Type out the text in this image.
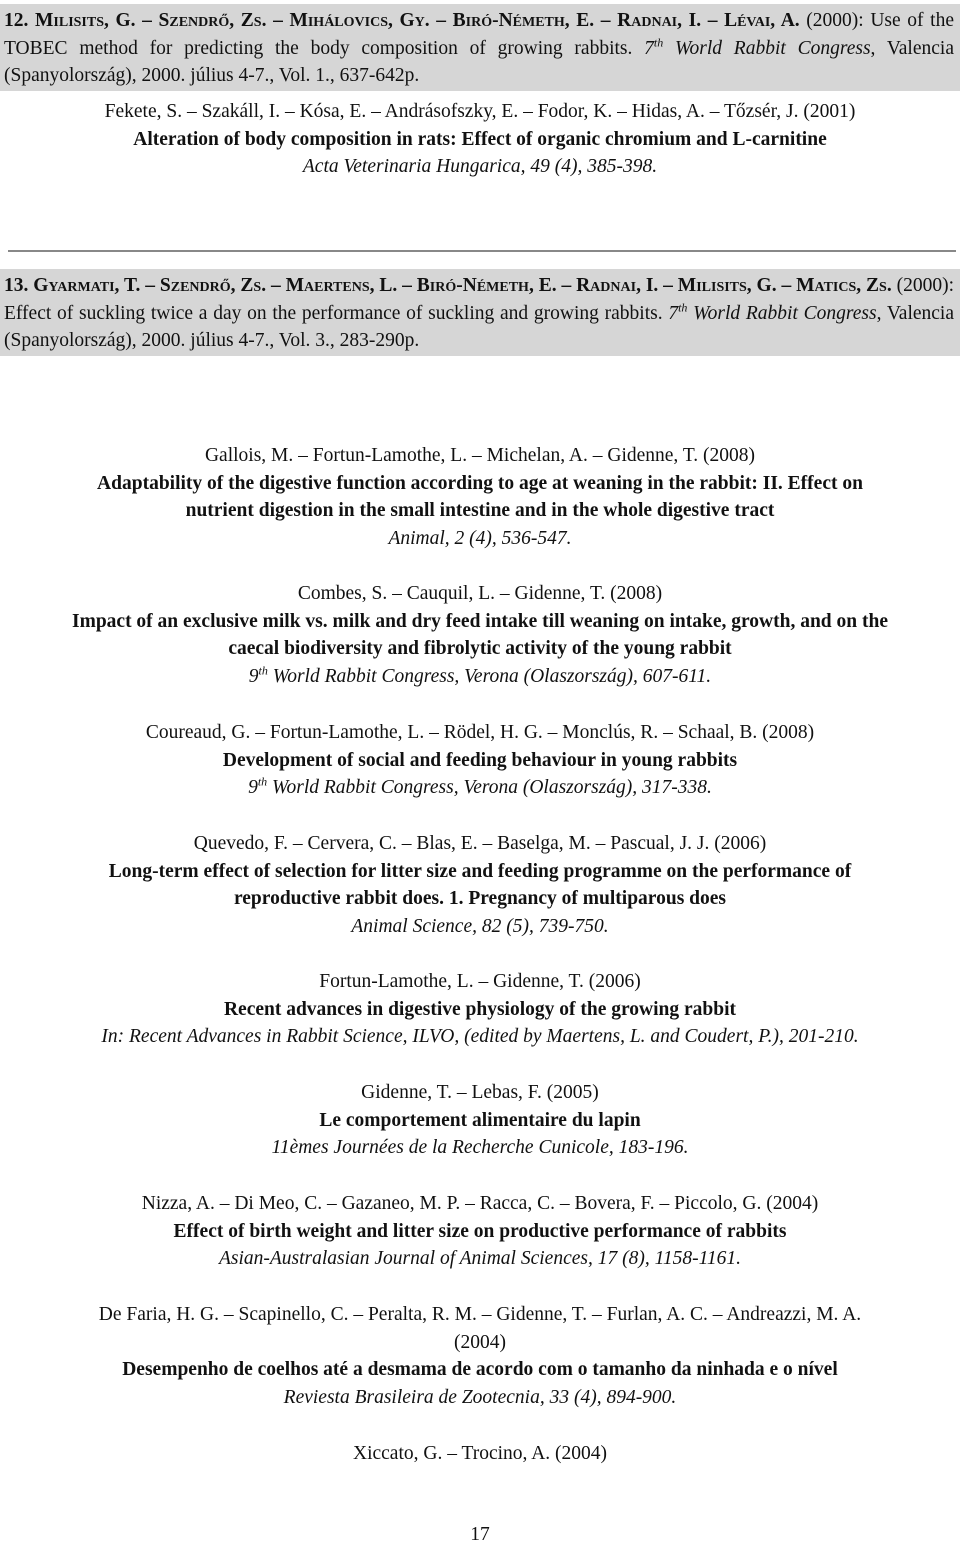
12. Milisits, G. – Szendrő, Zs. – Mihálovics, Gy. – Biró-Németh, E. – Radnai, I. – Lévai, A. (2000): Use of the TOBEC method for predicting the body composition of growing rabbits. 7th World Rabbit Congress, Valencia (Spanyolország), 2000. július 4-7., Vol. 1., 637-642p.

Fekete, S. – Szakáll, I. – Kósa, E. – Andrásofszky, E. – Fodor, K. – Hidas, A. – Tőzsér, J. (2001)
Alteration of body composition in rats: Effect of organic chromium and L-carnitine
Acta Veterinaria Hungarica, 49 (4), 385-398.

13. Gyarmati, T. – Szendrő, Zs. – Maertens, L. – Biró-Németh, E. – Radnai, I. – Milisits, G. – Matics, Zs. (2000): Effect of suckling twice a day on the performance of suckling and growing rabbits. 7th World Rabbit Congress, Valencia (Spanyolország), 2000. július 4-7., Vol. 3., 283-290p.

Gallois, M. – Fortun-Lamothe, L. – Michelan, A. – Gidenne, T. (2008)
Adaptability of the digestive function according to age at weaning in the rabbit: II. Effect on
nutrient digestion in the small intestine and in the whole digestive tract
Animal, 2 (4), 536-547.
Combes, S. – Cauquil, L. – Gidenne, T. (2008)
Impact of an exclusive milk vs. milk and dry feed intake till weaning on intake, growth, and on the
caecal biodiversity and fibrolytic activity of the young rabbit
9th World Rabbit Congress, Verona (Olaszország), 607-611.
Coureaud, G. – Fortun-Lamothe, L. – Rödel, H. G. – Monclús, R. – Schaal, B. (2008)
Development of social and feeding behaviour in young rabbits
9th World Rabbit Congress, Verona (Olaszország), 317-338.
Quevedo, F. – Cervera, C. – Blas, E. – Baselga, M. – Pascual, J. J. (2006)
Long-term effect of selection for litter size and feeding programme on the performance of
reproductive rabbit does. 1. Pregnancy of multiparous does
Animal Science, 82 (5), 739-750.
Fortun-Lamothe, L. – Gidenne, T. (2006)
Recent advances in digestive physiology of the growing rabbit
In: Recent Advances in Rabbit Science, ILVO, (edited by Maertens, L. and Coudert, P.), 201-210.
Gidenne, T. – Lebas, F. (2005)
Le comportement alimentaire du lapin
11èmes Journées de la Recherche Cunicole, 183-196.
Nizza, A. – Di Meo, C. – Gazaneo, M. P. – Racca, C. – Bovera, F. – Piccolo, G. (2004)
Effect of birth weight and litter size on productive performance of rabbits
Asian-Australasian Journal of Animal Sciences, 17 (8), 1158-1161.
De Faria, H. G. – Scapinello, C. – Peralta, R. M. – Gidenne, T. – Furlan, A. C. – Andreazzi, M. A.
(2004)
Desempenho de coelhos até a desmama de acordo com o tamanho da ninhada e o nível
Reviesta Brasileira de Zootecnia, 33 (4), 894-900.
Xiccato, G. – Trocino, A. (2004)
17
